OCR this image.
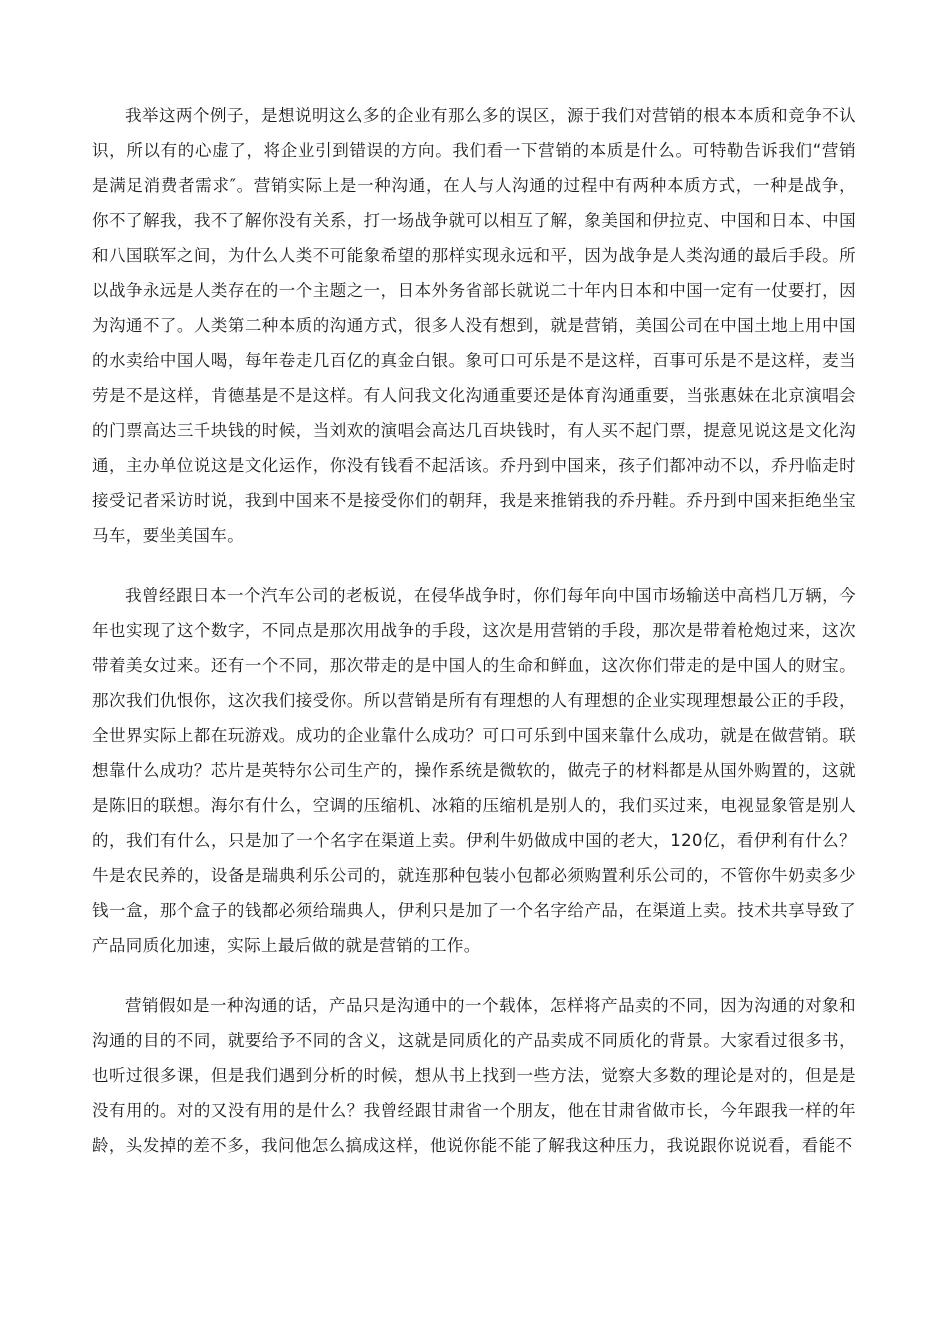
我举这两个例子，是想说明这么多的企业有那么多的误区，源于我们对营销的根本本质和竞争不认识，所以有的心虚了，将企业引到错误的方向。我们看一下营销的本质是什么。可特勒告诉我们“营销是满足消费者需求″。营销实际上是一种沟通，在人与人沟通的过程中有两种本质方式，一种是战争，你不了解我，我不了解你没有关系，打一场战争就可以相互了解，象美国和伊拉克、中国和日本、中国和八国联军之间，为什么人类不可能象希望的那样实现永远和平，因为战争是人类沟通的最后手段。所以战争永远是人类存在的一个主题之一，日本外务省部长就说二十年内日本和中国一定有一仗要打，因为沟通不了。人类第二种本质的沟通方式，很多人没有想到，就是营销，美国公司在中国土地上用中国的水卖给中国人喝，每年卷走几百亿的真金白银。象可口可乐是不是这样，百事可乐是不是这样，麦当劳是不是这样，肯德基是不是这样。有人问我文化沟通重要还是体育沟通重要，当张惠妹在北京演唱会的门票高达三千块钱的时候，当刘欢的演唱会高达几百块钱时，有人买不起门票，提意见说这是文化沟通，主办单位说这是文化运作，你没有钱看不起活该。乔丹到中国来，孩子们都冲动不以，乔丹临走时接受记者采访时说，我到中国来不是接受你们的朝拜，我是来推销我的乔丹鞋。乔丹到中国来拒绝坐宝马车，要坐美国车。

我曾经跟日本一个汽车公司的老板说，在侵华战争时，你们每年向中国市场输送中高档几万辆，今年也实现了这个数字，不同点是那次用战争的手段，这次是用营销的手段，那次是带着枪炮过来，这次带着美女过来。还有一个不同，那次带走的是中国人的生命和鲜血，这次你们带走的是中国人的财宝。那次我们仇恨你，这次我们接受你。所以营销是所有有理想的人有理想的企业实现理想最公正的手段，全世界实际上都在玩游戏。成功的企业靠什么成功？可口可乐到中国来靠什么成功，就是在做营销。联想靠什么成功？芯片是英特尔公司生产的，操作系统是微软的，做壳子的材料都是从国外购置的，这就是陈旧的联想。海尔有什么，空调的压缩机、冰箱的压缩机是别人的，我们买过来，电视显象管是别人的，我们有什么，只是加了一个名字在渠道上卖。伊利牛奶做成中国的老大，120亿，看伊利有什么？牛是农民养的，设备是瑞典利乐公司的，就连那种包装小包都必须购置利乐公司的，不管你牛奶卖多少钱一盒，那个盒子的钱都必须给瑞典人，伊利只是加了一个名字给产品，在渠道上卖。技术共享导致了产品同质化加速，实际上最后做的就是营销的工作。

营销假如是一种沟通的话，产品只是沟通中的一个载体，怎样将产品卖的不同，因为沟通的对象和沟通的目的不同，就要给予不同的含义，这就是同质化的产品卖成不同质化的背景。大家看过很多书，也听过很多课，但是我们遇到分析的时候，想从书上找到一些方法，觉察大多数的理论是对的，但是是没有用的。对的又没有用的是什么？我曾经跟甘肃省一个朋友，他在甘肃省做市长，今年跟我一样的年龄，头发掉的差不多，我问他怎么搞成这样，他说你能不能了解我这种压力，我说跟你说说看，看能不
